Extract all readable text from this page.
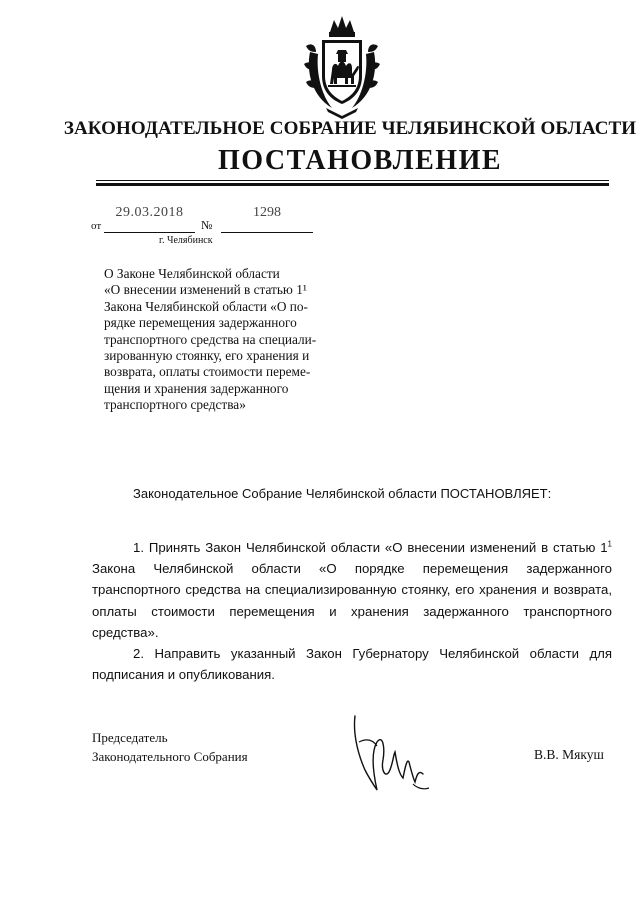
ЗАКОНОДАТЕЛЬНОЕ СОБРАНИЕ ЧЕЛЯБИНСКОЙ ОБЛАСТИ
ПОСТАНОВЛЕНИЕ
от
29.03.2018
№
1298
г. Челябинск
О Законе Челябинской области
«О внесении изменений в статью 1¹
Закона Челябинской области «О по-
рядке перемещения задержанного
транспортного средства на специали-
зированную стоянку, его хранения и
возврата, оплаты стоимости переме-
щения и хранения задержанного
транспортного средства»
Законодательное Собрание Челябинской области ПОСТАНОВЛЯЕТ:

1. Принять Закон Челябинской области «О внесении изменений в статью $1^1$ Закона Челябинской области «О порядке перемещения задержанного транспортного средства на специализированную стоянку, его хранения и возврата, оплаты стоимости перемещения и хранения задержанного транспортного средства».

2. Направить указанный Закон Губернатору Челябинской области для подписания и опубликования.

Председатель
Законодательного Собрания	В.В. Мякуш
